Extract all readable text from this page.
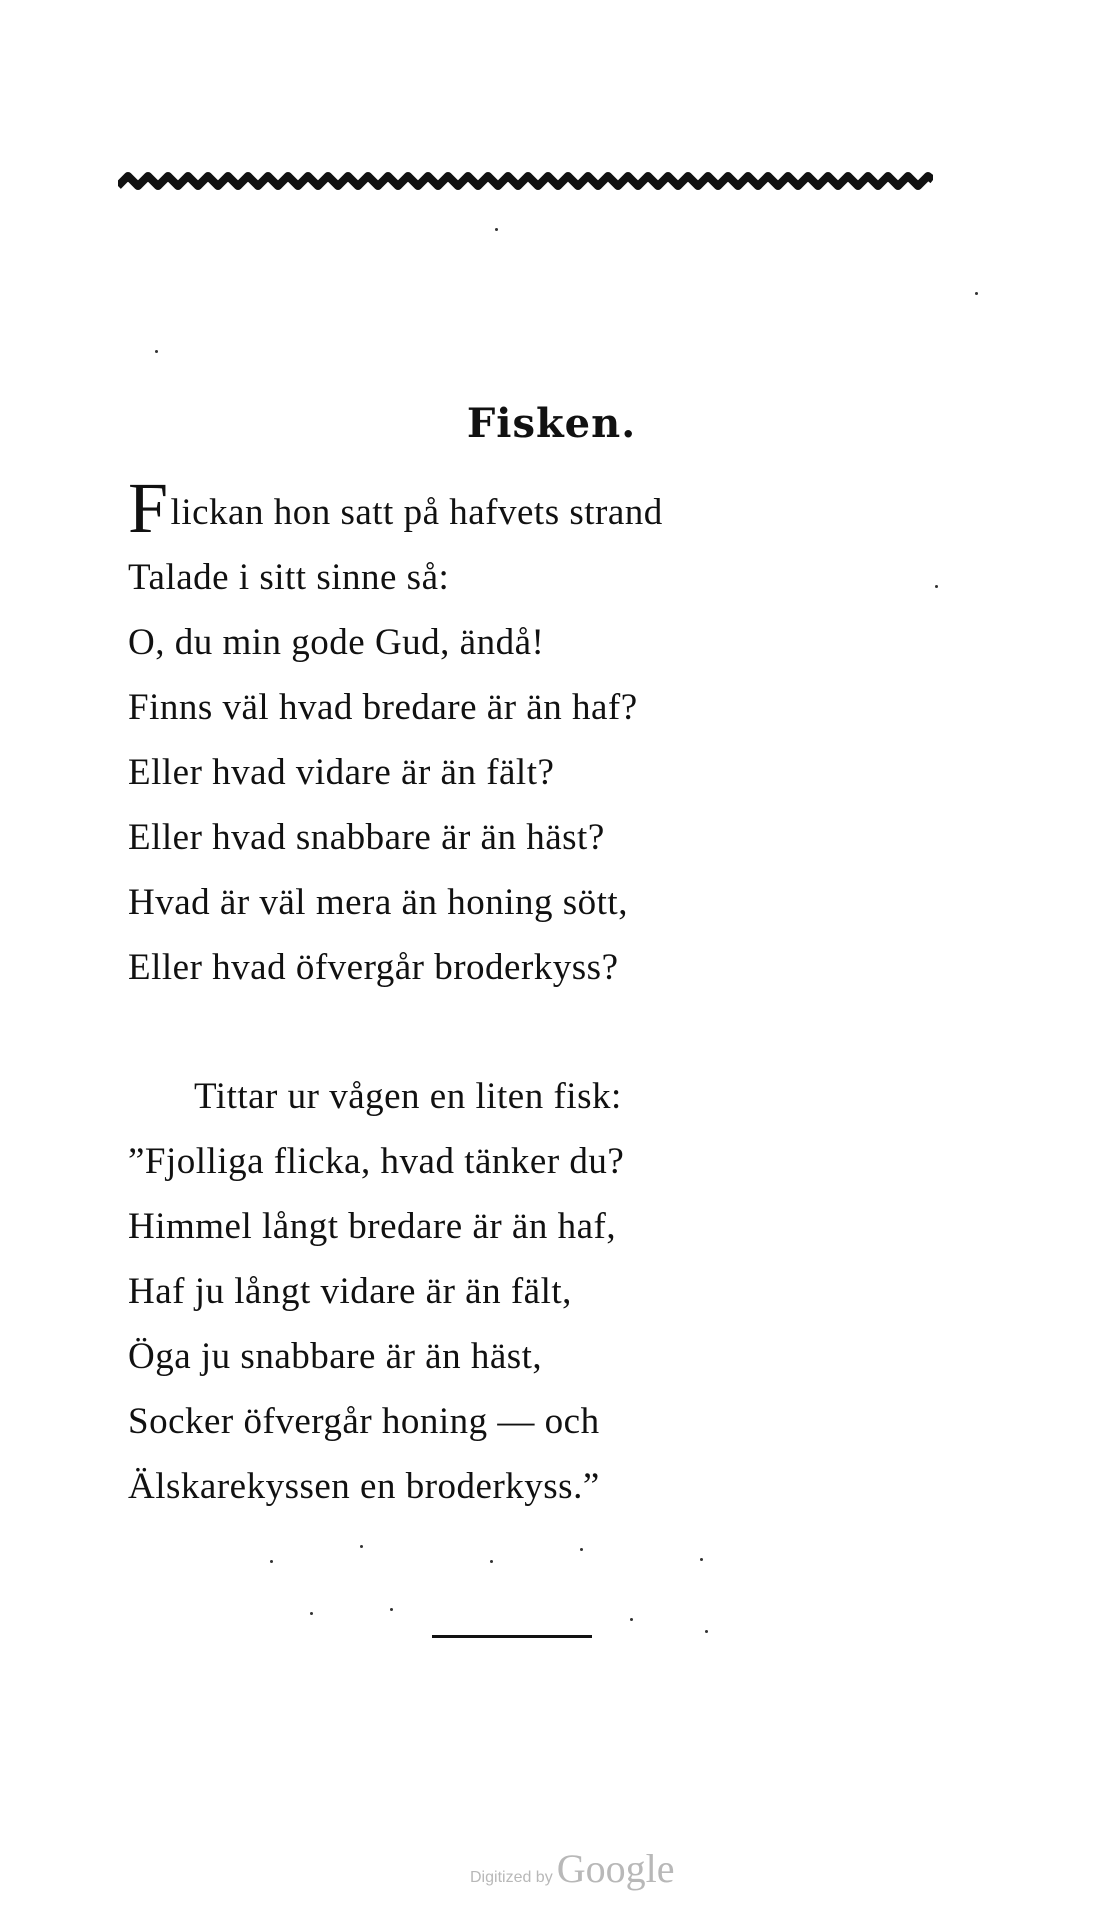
Fisken.
Flickan hon satt på hafvets strand
Talade i sitt sinne så:
O, du min gode Gud, ändå!
Finns väl hvad bredare är än haf?
Eller hvad vidare är än fält?
Eller hvad snabbare är än häst?
Hvad är väl mera än honing sött,
Eller hvad öfvergår broderkyss?
Tittar ur vågen en liten fisk:
”Fjolliga flicka, hvad tänker du?
Himmel långt bredare är än haf,
Haf ju långt vidare är än fält,
Öga ju snabbare är än häst,
Socker öfvergår honing — och
Älskarekyssen en broderkyss.”
Digitized by Google
